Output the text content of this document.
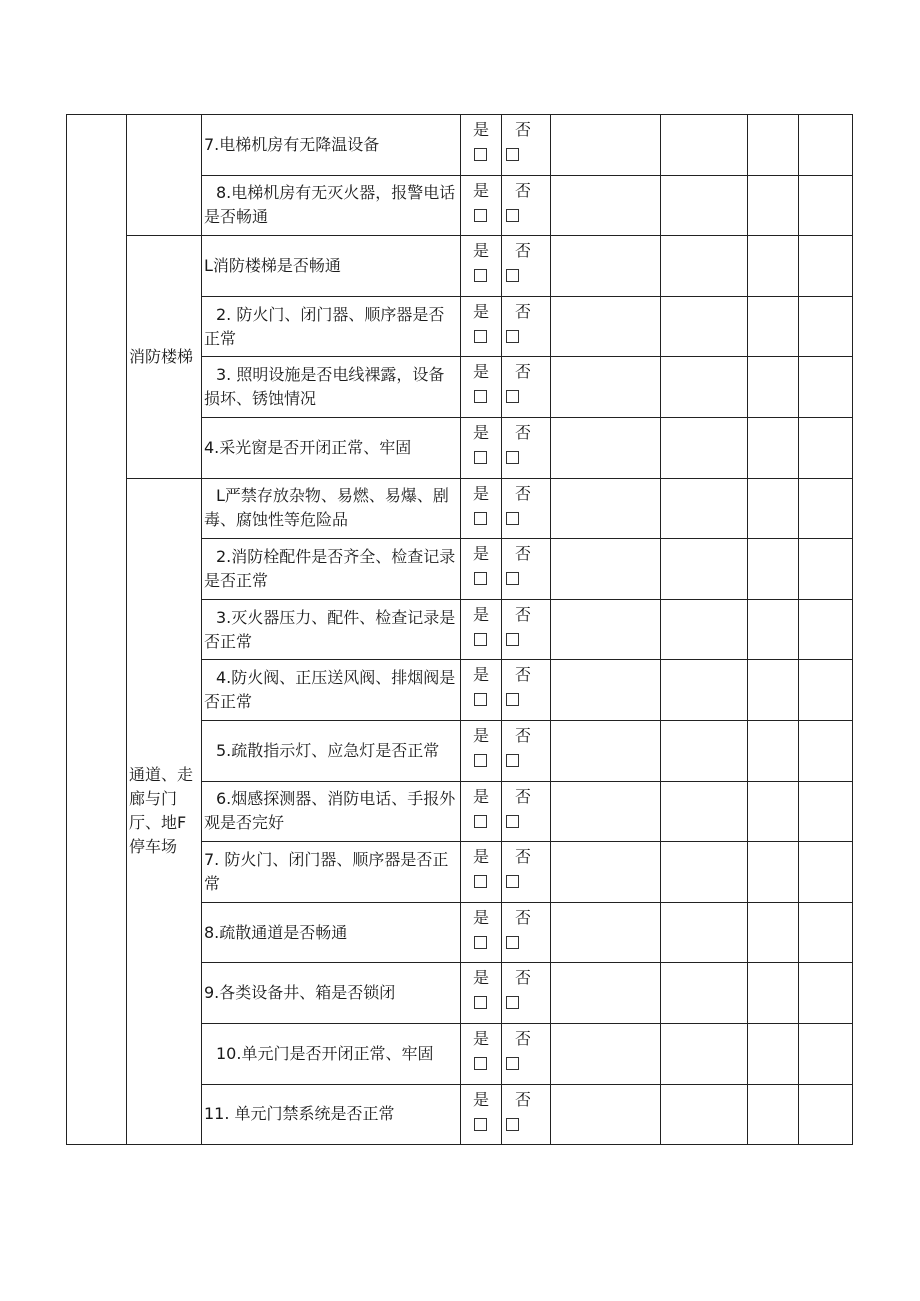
		7.电梯机房有无降温设备	是	否				

		8.电梯机房有无灭火器，报警电话是否畅通	是	否				

	消防楼梯	L消防楼梯是否畅通	是	否				

		2. 防火门、闭门器、顺序器是否正常	是	否				

		3. 照明设施是否电线裸露，设备损坏、锈蚀情况	是	否				

		4.采光窗是否开闭正常、牢固	是	否				

	通道、走廊与门厅、地F停车场	L严禁存放杂物、易燃、易爆、剧毒、腐蚀性等危险品	是	否				

		2.消防栓配件是否齐全、检查记录是否正常	是	否				

		3.灭火器压力、配件、检查记录是否正常	是	否				

		4.防火阀、正压送风阀、排烟阀是否正常	是	否				

		5.疏散指示灯、应急灯是否正常	是	否				

		6.烟感探测器、消防电话、手报外观是否完好	是	否				

		7. 防火门、闭门器、顺序器是否正常	是	否				

		8.疏散通道是否畅通	是	否				

		9.各类设备井、箱是否锁闭	是	否				

		10.单元门是否开闭正常、牢固	是	否				

		11. 单元门禁系统是否正常	是	否				
